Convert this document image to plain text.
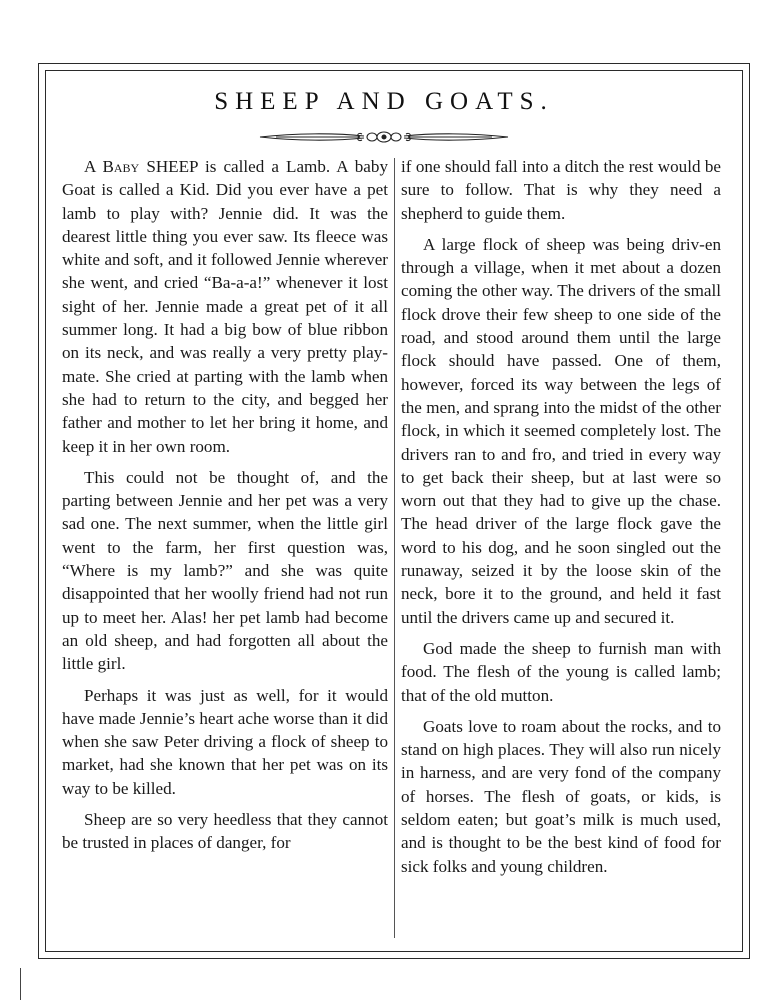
SHEEP AND GOATS.

A Baby SHEEP is called a Lamb. A baby Goat is called a Kid. Did you ever have a pet lamb to play with? Jennie did. It was the dearest little thing you ever saw. Its fleece was white and soft, and it followed Jennie wherever she went, and cried “Ba-a-a!” whenever it lost sight of her. Jennie made a great pet of it all summer long. It had a big bow of blue ribbon on its neck, and was really a very pretty play-mate. She cried at parting with the lamb when she had to return to the city, and begged her father and mother to let her bring it home, and keep it in her own room.

This could not be thought of, and the parting between Jennie and her pet was a very sad one. The next summer, when the little girl went to the farm, her first question was, “Where is my lamb?” and she was quite disappointed that her woolly friend had not run up to meet her. Alas! her pet lamb had become an old sheep, and had forgotten all about the little girl.

Perhaps it was just as well, for it would have made Jennie’s heart ache worse than it did when she saw Peter driving a flock of sheep to market, had she known that her pet was on its way to be killed.

Sheep are so very heedless that they cannot be trusted in places of danger, for

if one should fall into a ditch the rest would be sure to follow. That is why they need a shepherd to guide them.

A large flock of sheep was being driv-en through a village, when it met about a dozen coming the other way. The drivers of the small flock drove their few sheep to one side of the road, and stood around them until the large flock should have passed. One of them, however, forced its way between the legs of the men, and sprang into the midst of the other flock, in which it seemed completely lost. The drivers ran to and fro, and tried in every way to get back their sheep, but at last were so worn out that they had to give up the chase. The head driver of the large flock gave the word to his dog, and he soon singled out the runaway, seized it by the loose skin of the neck, bore it to the ground, and held it fast until the drivers came up and secured it.

God made the sheep to furnish man with food. The flesh of the young is called lamb; that of the old mutton.

Goats love to roam about the rocks, and to stand on high places. They will also run nicely in harness, and are very fond of the company of horses. The flesh of goats, or kids, is seldom eaten; but goat’s milk is much used, and is thought to be the best kind of food for sick folks and young children.
